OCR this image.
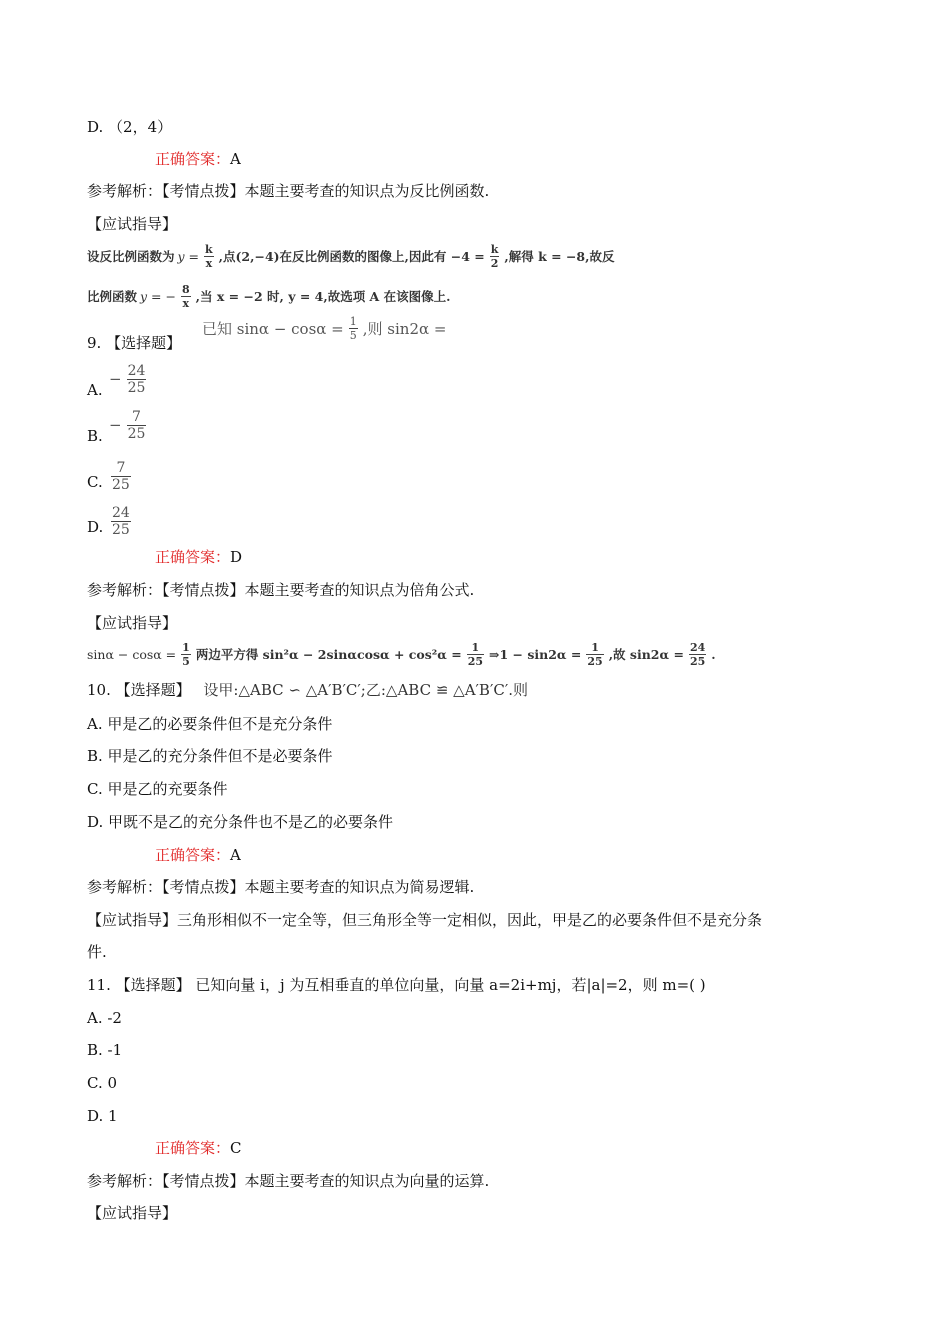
D. （2，4）
正确答案：A
参考解析：【考情点拨】本题主要考查的知识点为反比例函数.
【应试指导】
设反比例函数为 $y = \frac{k}{x}$ ,点(2,−4)在反比例函数的图像上,因此有 $-4 = \frac{k}{2}$ ,解得 k = −8,故反
比例函数 y = − $\frac{8}{x}$ ,当 x = −2 时, y = 4,故选项 A 在该图像上.
9. 【选择题】
已知 $\sin\alpha - \cos\alpha = \frac{1}{5}$ ,则 sin2α =
A.
− $\frac{24}{25}$
B.
− $\frac{7}{25}$
C. $\frac{7}{25}$
D. $\frac{24}{25}$
正确答案：D
参考解析：【考情点拨】本题主要考查的知识点为倍角公式.
【应试指导】
$\sin\alpha - \cos\alpha = \frac{1}{5}$ 两边平方得 $\sin^2\alpha - 2\sin\alpha\cos\alpha + \cos^2\alpha = \frac{1}{25}$ ⇒1 − $\sin 2\alpha = \frac{1}{25}$ ,故 $\sin 2\alpha = \frac{24}{25}$ .
10. 【选择题】 设甲:△ABC ∽ △A′B′C′;乙:△ABC ≌ △A′B′C′.则
A. 甲是乙的必要条件但不是充分条件
B. 甲是乙的充分条件但不是必要条件
C. 甲是乙的充要条件
D. 甲既不是乙的充分条件也不是乙的必要条件
正确答案：A
参考解析：【考情点拨】本题主要考查的知识点为简易逻辑.
【应试指导】三角形相似不一定全等，但三角形全等一定相似，因此，甲是乙的必要条件但不是充分条
件.
11. 【选择题】 已知向量 i，j 为互相垂直的单位向量，向量 a=2i+mj，若|a|=2，则 m=( )
A. -2
B. -1
C. 0
D. 1
正确答案：C
参考解析：【考情点拨】本题主要考查的知识点为向量的运算.
【应试指导】
